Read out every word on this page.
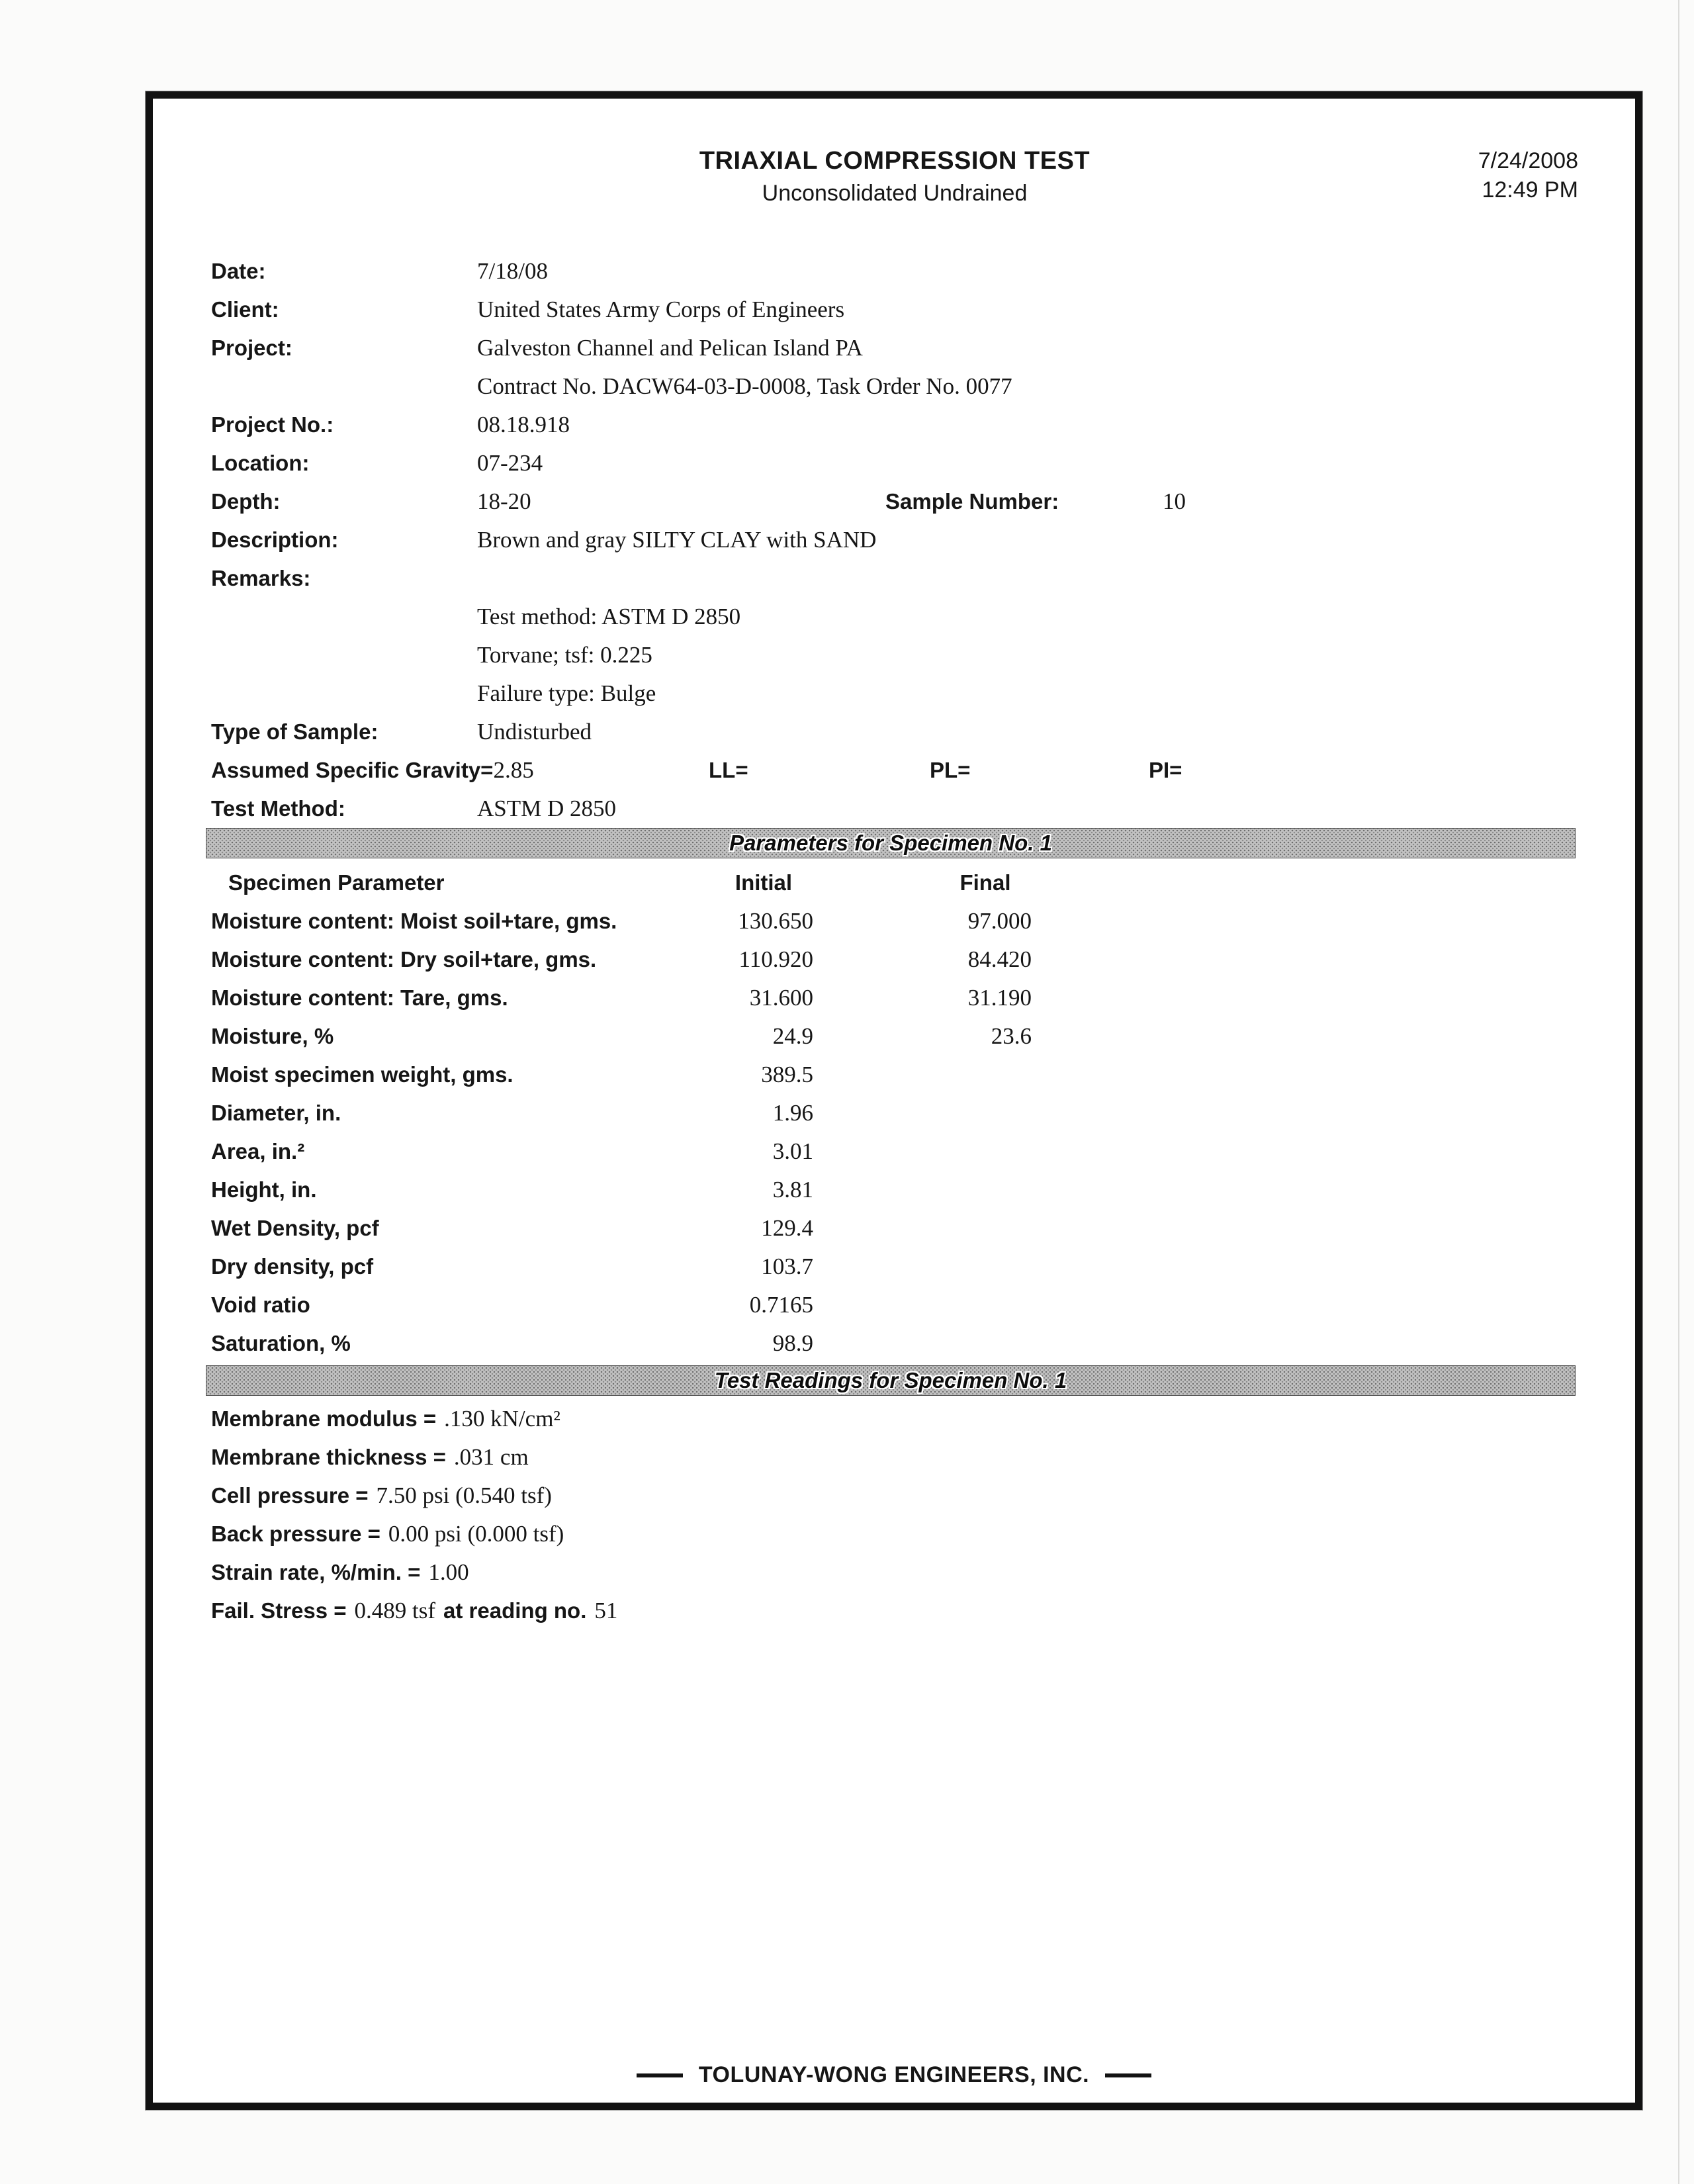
TRIAXIAL COMPRESSION TEST
Unconsolidated Undrained
7/24/2008
12:49 PM
Date:	7/18/08
Client:	United States Army Corps of Engineers
Project:	Galveston Channel and Pelican Island PA
Contract No. DACW64-03-D-0008, Task Order No. 0077
Project No.:	08.18.918
Location:	07-234
Depth:	18-20	Sample Number:	10
Description:	Brown and gray SILTY CLAY with SAND
Remarks:
Test method: ASTM D 2850
Torvane; tsf: 0.225
Failure type: Bulge
Type of Sample:	Undisturbed
Assumed Specific Gravity= 2.85	LL=	PL=	PI=
Test Method:	ASTM D 2850
Parameters for Specimen No. 1
Specimen Parameter	Initial	Final
Moisture content: Moist soil+tare, gms.	130.650	97.000
Moisture content: Dry soil+tare, gms.	110.920	84.420
Moisture content: Tare, gms.	31.600	31.190
Moisture, %	24.9	23.6
Moist specimen weight, gms.	389.5
Diameter, in.	1.96
Area, in.²	3.01
Height, in.	3.81
Wet Density, pcf	129.4
Dry density, pcf	103.7
Void ratio	0.7165
Saturation, %	98.9
Test Readings for Specimen No. 1
Membrane modulus = .130 kN/cm²
Membrane thickness = .031 cm
Cell pressure = 7.50 psi (0.540 tsf)
Back pressure = 0.00 psi (0.000 tsf)
Strain rate, %/min. = 1.00
Fail. Stress = 0.489 tsf at reading no. 51
TOLUNAY-WONG ENGINEERS, INC.
